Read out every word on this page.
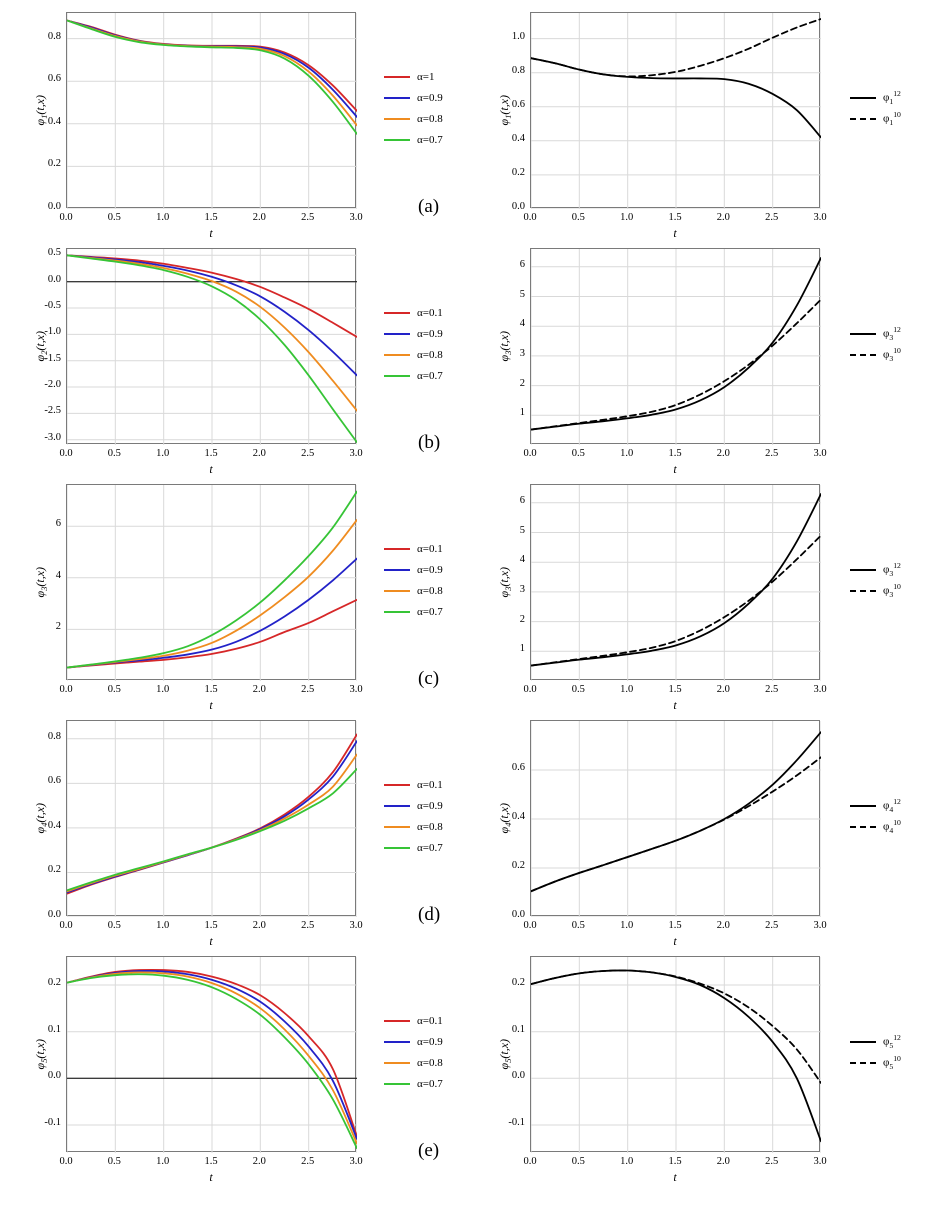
0.0	0.5	1.0	1.5	2.0	2.5	3.0
0.0
0.2
0.4
0.6
0.8
t
$\varphi_1(t,x)$
α=1
α=0.9
α=0.8
α=0.7
0.0	0.5	1.0	1.5	2.0	2.5	3.0
0.0
0.2
0.4
0.6
0.8
1.0
t
$\varphi_1(t,x)$	$\varphi_1^{12}$
$\varphi_1^{10}$
(a)
0.0	0.5	1.0	1.5	2.0	2.5	3.0
0.5
0.0
-0.5
-1.0
-1.5
-2.0
-2.5
-3.0
t
$\varphi_2(t,x)$
α=0.1
α=0.9
α=0.8
α=0.7
0.0	0.5	1.0	1.5	2.0	2.5	3.0
1
2
3
4
5
6
t
$\varphi_3(t,x)$	$\varphi_3^{12}$
$\varphi_3^{10}$
(b)
0.0	0.5	1.0	1.5	2.0	2.5	3.0
2
4
6
t
$\varphi_3(t,x)$
α=0.1
α=0.9
α=0.8
α=0.7
0.0	0.5	1.0	1.5	2.0	2.5	3.0
1
2
3
4
5
6
t
$\varphi_3(t,x)$	$\varphi_3^{12}$
$\varphi_3^{10}$
(c)
0.0	0.5	1.0	1.5	2.0	2.5	3.0
0.0
0.2
0.4
0.6
0.8
t
$\varphi_4(t,x)$
α=0.1
α=0.9
α=0.8
α=0.7
0.0	0.5	1.0	1.5	2.0	2.5	3.0
0.0
0.2
0.4
0.6
t
$\varphi_4(t,x)$	$\varphi_4^{12}$
$\varphi_4^{10}$
(d)
0.0	0.5	1.0	1.5	2.0	2.5	3.0
0.2
0.1
0.0
-0.1
t
$\varphi_5(t,x)$
α=0.1
α=0.9
α=0.8
α=0.7
0.0	0.5	1.0	1.5	2.0	2.5	3.0
0.2
0.1
0.0
-0.1
t
$\varphi_5(t,x)$	$\varphi_5^{12}$
$\varphi_5^{10}$
(e)
